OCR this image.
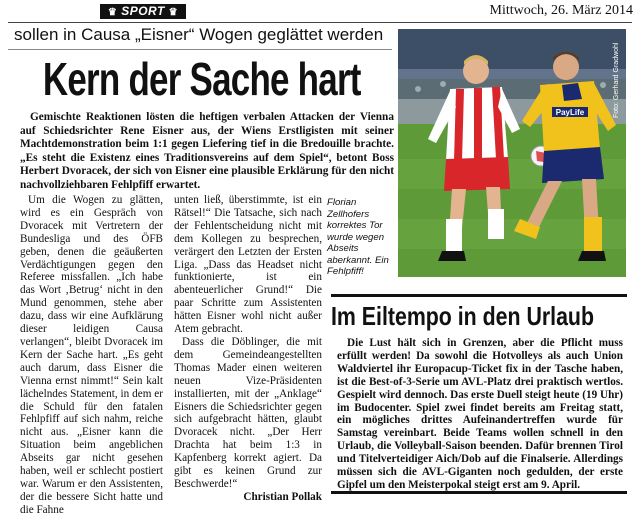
♛ SPORT ♛	Mittwoch, 26. März 2014
sollen in Causa „Eisner“ Wogen geglättet werden
Kern der Sache hart
Gemischte Reaktionen lösten die heftigen verbalen Attacken der Vienna auf Schiedsrichter Rene Eisner aus, der Wiens Erstligisten mit seiner Machtdemonstration beim 1:1 gegen Liefering tief in die Bredouille brachte. „Es steht die Existenz eines Traditionsvereins auf dem Spiel“, betont Boss Herbert Dvoracek, der sich von Eisner eine plausible Erklärung für den nicht nachvollziehbaren Fehlpfiff erwartet.

Um die Wogen zu glätten, wird es ein Gespräch von Dvoracek mit Vertretern der Bundesliga und des ÖFB geben, denen die geäußerten Verdächtigungen gegen den Referee missfallen. „Ich habe das Wort ‚Betrug‘ nicht in den Mund genommen, stehe aber dazu, dass wir eine Aufklärung dieser leidigen Causa verlangen“, bleibt Dvoracek im Kern der Sache hart. „Es geht auch darum, dass Eisner die Vienna ernst nimmt!“ Sein kalt lächelndes Statement, in dem er die Schuld für den fatalen Fehlpfiff auf sich nahm, reiche nicht aus. „Eisner kann die Situation beim angeblichen Abseits gar nicht gesehen haben, weil er schlecht postiert war. Warum er den Assistenten, der die bessere Sicht hatte und die Fahne

unten ließ, überstimmte, ist ein Rätsel!“ Die Tatsache, sich nach der Fehlentscheidung nicht mit dem Kollegen zu besprechen, verärgert den Letzten der Ersten Liga. „Dass das Headset nicht funktionierte, ist ein abenteuerlicher Grund!“ Die paar Schritte zum Assistenten hätten Eisner wohl nicht außer Atem gebracht.

Dass die Döblinger, die mit dem Gemeindeangestellten Thomas Mader einen weiteren neuen Vize-Präsidenten installierten, mit der „Anklage“ Eisners die Schiedsrichter gegen sich aufgebracht hätten, glaubt Dvoracek nicht. „Der Herr Drachta hat beim 1:3 in Kapfenberg korrekt agiert. Da gibt es keinen Grund zur Beschwerde!“

Christian Pollak

Florian Zellhofers korrektes Tor wurde wegen Abseits aberkannt. Ein Fehlpfiff!
PayLife	Foto: Gerhard Gradwohl
Im Eiltempo in den Urlaub
Die Lust hält sich in Grenzen, aber die Pflicht muss erfüllt werden! Da sowohl die Hotvolleys als auch Union Waldviertel ihr Europacup-Ticket fix in der Tasche haben, ist die Best-of-3-Serie um AVL-Platz drei praktisch wertlos. Gespielt wird dennoch. Das erste Duell steigt heute (19 Uhr) im Budocenter. Spiel zwei findet bereits am Freitag statt, ein mögliches drittes Aufeinandertreffen wurde für Samstag vereinbart. Beide Teams wollen schnell in den Urlaub, die Volleyball-Saison beenden. Dafür brennen Tirol und Titelverteidiger Aich/Dob auf die Finalserie. Allerdings müssen sich die AVL-Giganten noch gedulden, der erste Gipfel um den Meisterpokal steigt erst am 9. April.
